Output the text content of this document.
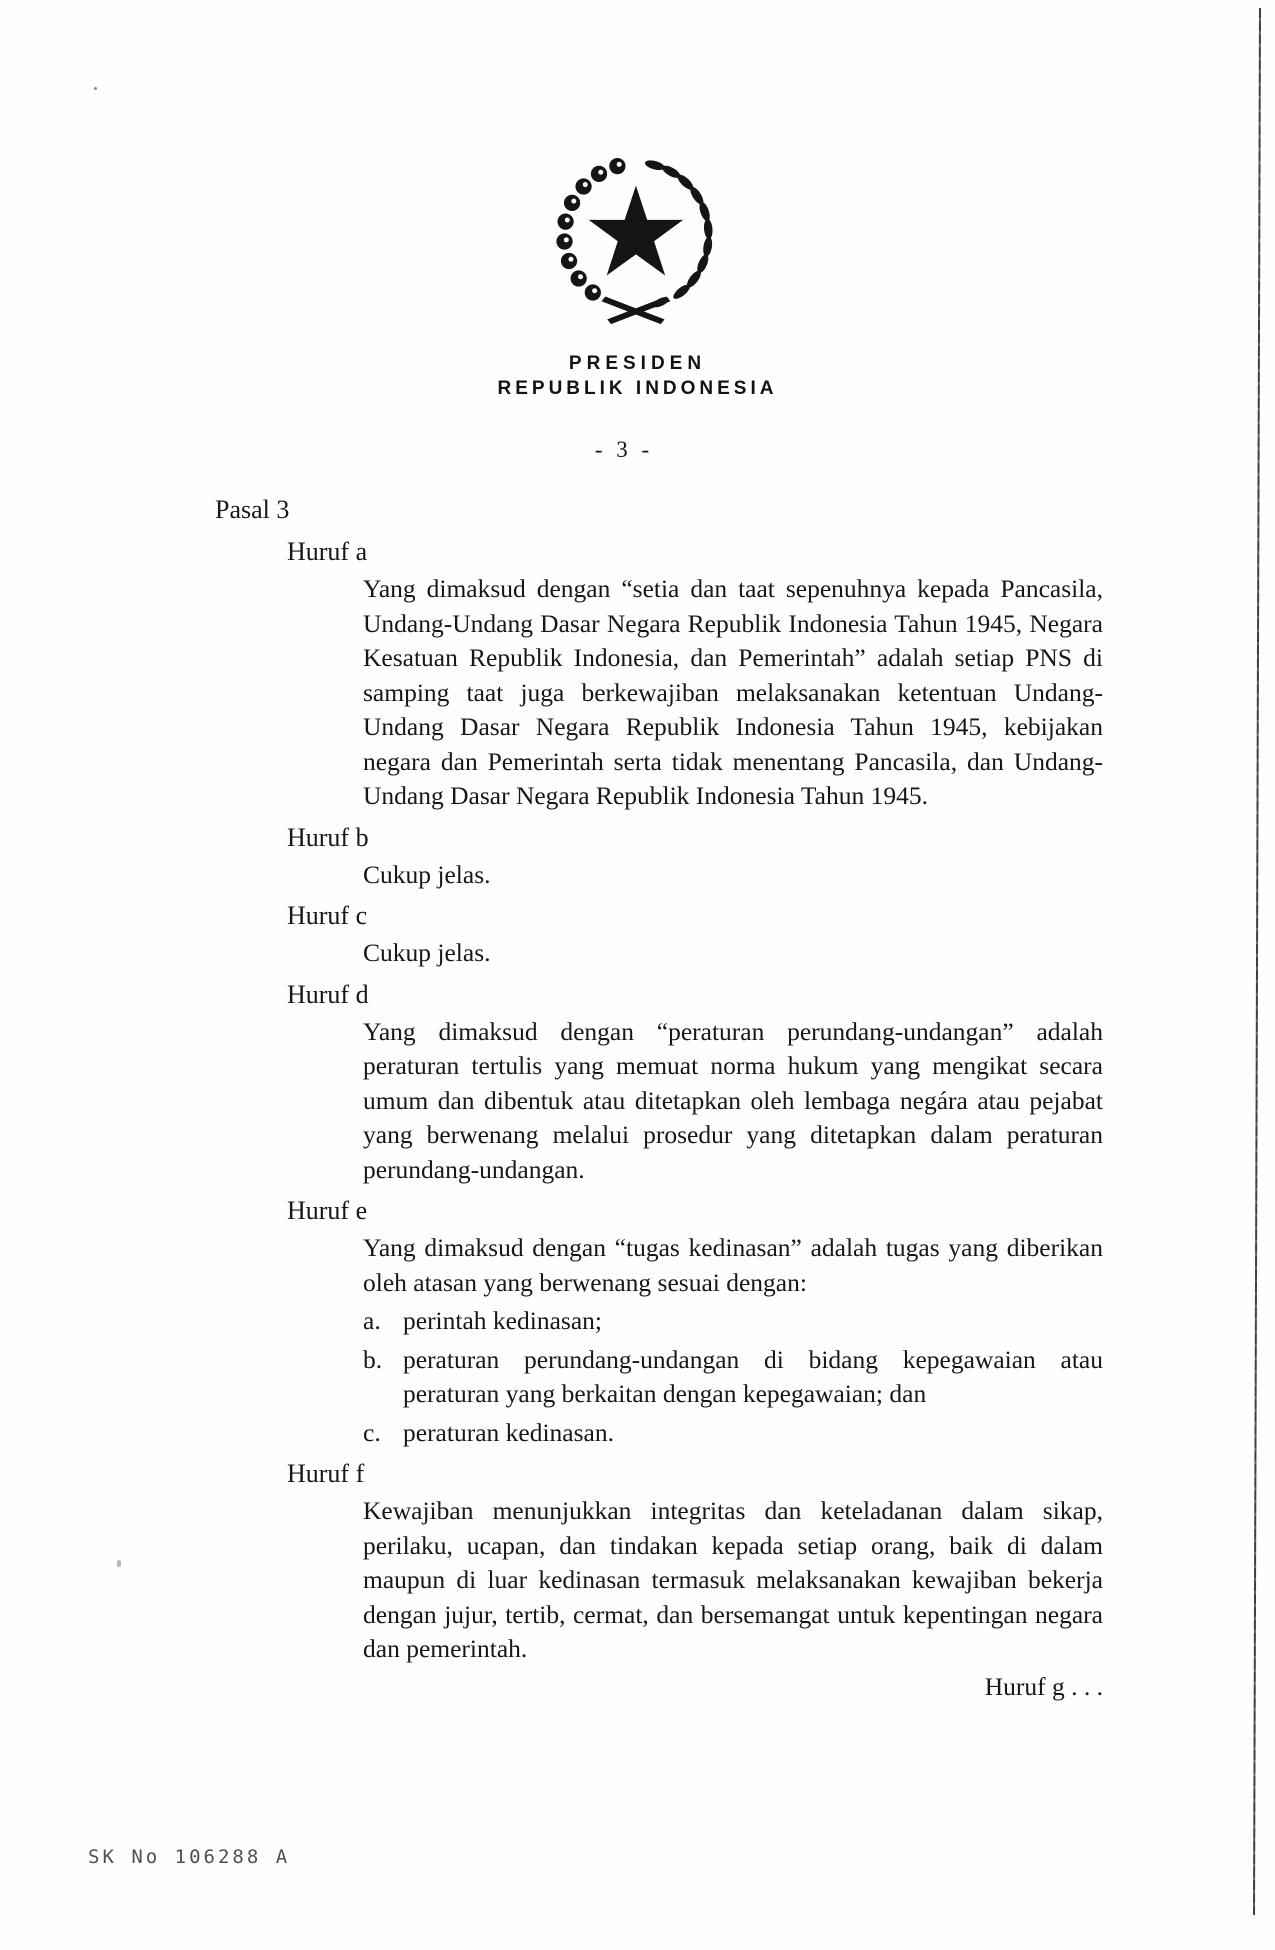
PRESIDEN
REPUBLIK INDONESIA
- 3 -
Pasal 3
Huruf a
Yang dimaksud dengan “setia dan taat sepenuhnya kepada Pancasila, Undang-Undang Dasar Negara Republik Indonesia Tahun 1945, Negara Kesatuan Republik Indonesia, dan Pemerintah” adalah setiap PNS di samping taat juga berkewajiban melaksanakan ketentuan Undang-Undang Dasar Negara Republik Indonesia Tahun 1945, kebijakan negara dan Pemerintah serta tidak menentang Pancasila, dan Undang-Undang Dasar Negara Republik Indonesia Tahun 1945.
Huruf b
Cukup jelas.
Huruf c
Cukup jelas.
Huruf d
Yang dimaksud dengan “peraturan perundang-undangan” adalah peraturan tertulis yang memuat norma hukum yang mengikat secara umum dan dibentuk atau ditetapkan oleh lembaga negára atau pejabat yang berwenang melalui prosedur yang ditetapkan dalam peraturan perundang-undangan.
Huruf e
Yang dimaksud dengan “tugas kedinasan” adalah tugas yang diberikan oleh atasan yang berwenang sesuai dengan:
a. perintah kedinasan;
b. peraturan perundang-undangan di bidang kepegawaian atau peraturan yang berkaitan dengan kepegawaian; dan
c. peraturan kedinasan.
Huruf f
Kewajiban menunjukkan integritas dan keteladanan dalam sikap, perilaku, ucapan, dan tindakan kepada setiap orang, baik di dalam maupun di luar kedinasan termasuk melaksanakan kewajiban bekerja dengan jujur, tertib, cermat, dan bersemangat untuk kepentingan negara dan pemerintah.
Huruf g . . .
SK No 106288 A
